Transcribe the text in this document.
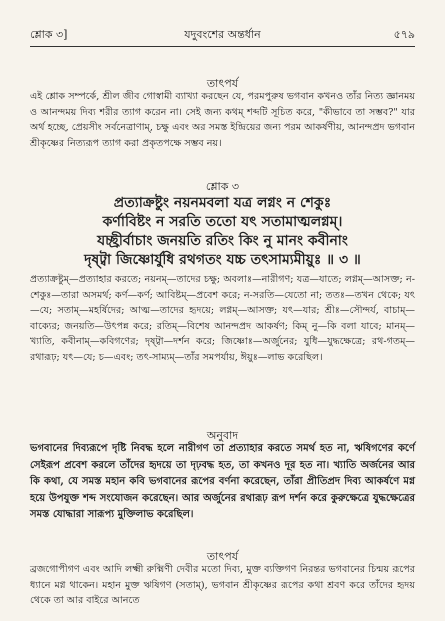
শ্লোক ৩]	যদুবংশের অন্তর্ধান	৫৭৯
তাৎপর্য

এই শ্লোক সম্পর্কে, শ্রীল জীব গোস্বামী ব্যাখ্যা করছেন যে, পরমপুরুষ ভগবান কখনও তাঁর নিত্য জ্ঞানময় ও আনন্দময় দিব্য শরীর ত্যাগ করেন না। সেই জন্য কথম্ শব্দটি সূচিত করে, "কীভাবে তা সম্ভব?" যার অর্থ হচ্ছে, প্রেয়সীং সর্বনেত্রাণাম্, চক্ষু এবং অর সমস্ত ইন্দ্রিয়ের জন্য পরম আকর্ষণীয়, আনন্দপ্রদ ভগবান শ্রীকৃষ্ণের নিত্যরূপ ত্যাগ করা প্রকৃতপক্ষে সম্ভব নয়।

শ্লোক ৩

প্রত্যাক্রষ্টুং নয়নমবলা যত্র লগ্নং ন শেকুঃ

কর্ণাবিষ্টং ন সরতি ততো যৎ সতামাত্মলগ্নম্।

যচ্ছ্রীর্বাচাং জনয়তি রতিং কিং নু মানং কবীনাং

দৃষ্ট্বা জিষ্ণোর্যুধি রথগতং যচ্চ তৎসাম্যমীয়ুঃ ॥ ৩ ॥

প্রত্যাক্রষ্টুম্—প্রত্যাহার করতে; নয়নম্—তাদের চক্ষু; অবলাঃ—নারীগণ; যত্র—যাতে; লগ্নম্—আসক্ত; ন-শেকুঃ—তারা অসমর্থ; কর্ণ—কর্ণ; আবিষ্টম্—প্রবেশ করে; ন-সরতি—যেতো না; ততঃ—তখন থেকে; যৎ—যে; সতাম্—মহর্ষিদের; আত্ম—তাদের হৃদয়ে; লগ্নম্—আসক্ত; যৎ—যার; শ্রীঃ—সৌন্দর্য, বাচাম্—বাক্যের; জনয়তি—উৎপন্ন করে; রতিম্—বিশেষ আনন্দপ্রদ আকর্ষণ; কিম্ নু—কি বলা যাবে; মানম্—খ্যাতি, কবীনাম্—কবিগণের; দৃষ্ট্বা—দর্শন করে; জিষ্ণোঃ—অর্জুনের; যুধি—যুদ্ধক্ষেত্রে; রথ-গতম্—রথারূঢ়; যৎ—যে; চ—এবং; তৎ-সাম্যম্—তাঁর সমপর্যায়, ঈয়ুঃ—লাভ করেছিল।

অনুবাদ

ভগবানের দিব্যরূপে দৃষ্টি নিবদ্ধ হলে নারীগণ তা প্রত্যাহার করতে সমর্থ হত না, ঋষিগণের কর্ণে সেইরূপ প্রবেশ করলে তাঁদের হৃদয়ে তা দৃঢ়বদ্ধ হত, তা কখনও দূর হত না। খ্যাতি অর্জনের আর কি কথা, যে সমস্ত মহান কবি ভগবানের রূপের বর্ণনা করেছেন, তাঁরা প্রীতিপ্রদ দিব্য আকর্ষণে মগ্ন হয়ে উপযুক্ত শব্দ সংযোজন করেছেন। আর অর্জুনের রথারূঢ় রূপ দর্শন করে কুরুক্ষেত্রে যুদ্ধক্ষেত্রের সমস্ত যোদ্ধারা সারূপ্য মুক্তিলাভ করেছিল।

তাৎপর্য

ব্রজগোপীগণ এবং আদি লক্ষ্মী রুক্মিণী দেবীর মতো দিব্য, মুক্ত ব্যক্তিগণ নিরন্তর ভগবানের চিন্ময় রূপের ধ্যানে মগ্ন থাকেন। মহান মুক্ত ঋষিগণ (সতাম্), ভগবান শ্রীকৃষ্ণের রূপের কথা শ্রবণ করে তাঁদের হৃদয় থেকে তা আর বাইরে আনতে
